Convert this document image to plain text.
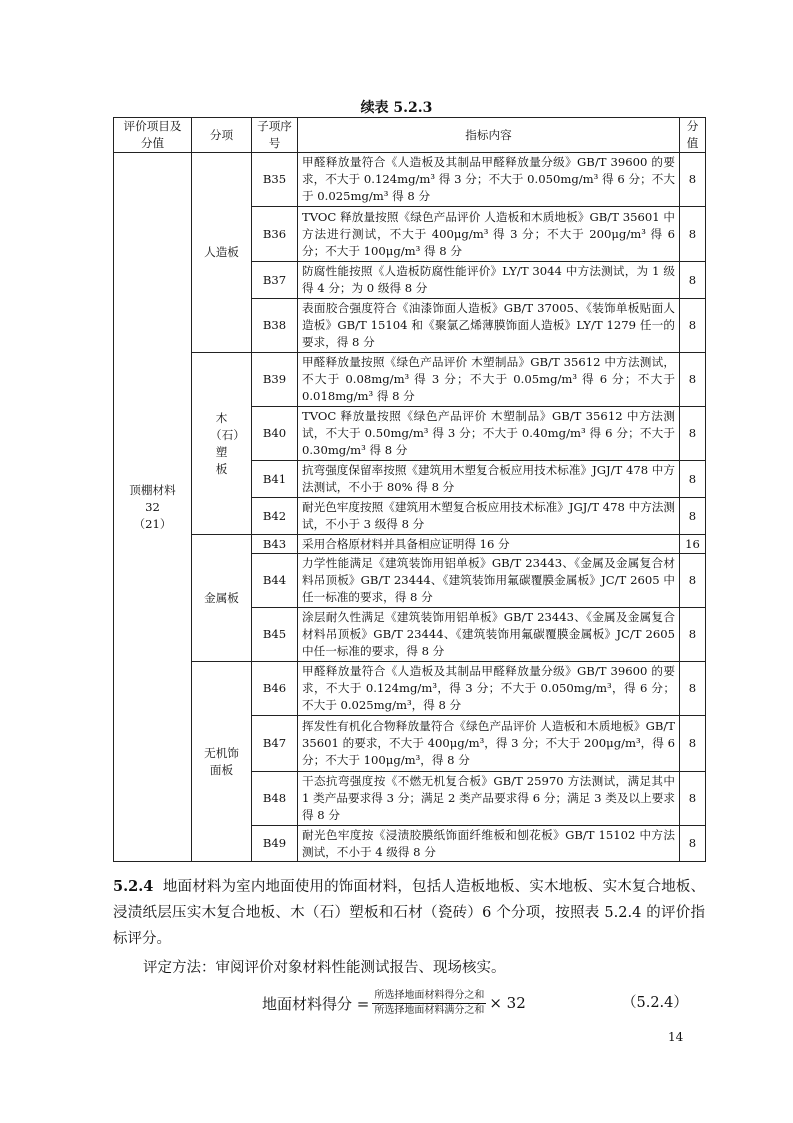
续表 5.2.3
评价项目及分值	分项	子项序号	指标内容	分值

顶棚材料
32
（21）	人造板	B35	甲醛释放量符合《人造板及其制品甲醛释放量分级》GB/T 39600 的要求，不大于 0.124mg/m³ 得 3 分；不大于 0.050mg/m³ 得 6 分；不大于 0.025mg/m³ 得 8 分	8
		B36	TVOC 释放量按照《绿色产品评价 人造板和木质地板》GB/T 35601 中方法进行测试，不大于 400μg/m³ 得 3 分；不大于 200μg/m³ 得 6 分；不大于 100μg/m³ 得 8 分	8
		B37	防腐性能按照《人造板防腐性能评价》LY/T 3044 中方法测试，为 1 级得 4 分；为 0 级得 8 分	8
		B38	表面胶合强度符合《油漆饰面人造板》GB/T 37005、《装饰单板贴面人造板》GB/T 15104 和《聚氯乙烯薄膜饰面人造板》LY/T 1279 任一的要求，得 8 分	8
	木（石）塑板	B39	甲醛释放量按照《绿色产品评价 木塑制品》GB/T 35612 中方法测试，不大于 0.08mg/m³ 得 3 分；不大于 0.05mg/m³ 得 6 分；不大于 0.018mg/m³ 得 8 分	8
		B40	TVOC 释放量按照《绿色产品评价 木塑制品》GB/T 35612 中方法测试，不大于 0.50mg/m³ 得 3 分；不大于 0.40mg/m³ 得 6 分；不大于 0.30mg/m³ 得 8 分	8
		B41	抗弯强度保留率按照《建筑用木塑复合板应用技术标准》JGJ/T 478 中方法测试，不小于 80% 得 8 分	8
		B42	耐光色牢度按照《建筑用木塑复合板应用技术标准》JGJ/T 478 中方法测试，不小于 3 级得 8 分	8
	金属板	B43	采用合格原材料并具备相应证明得 16 分	16
		B44	力学性能满足《建筑装饰用铝单板》GB/T 23443、《金属及金属复合材料吊顶板》GB/T 23444、《建筑装饰用氟碳覆膜金属板》JC/T 2605 中任一标准的要求，得 8 分	8
		B45	涂层耐久性满足《建筑装饰用铝单板》GB/T 23443、《金属及金属复合材料吊顶板》GB/T 23444、《建筑装饰用氟碳覆膜金属板》JC/T 2605 中任一标准的要求，得 8 分	8
	无机饰面板	B46	甲醛释放量符合《人造板及其制品甲醛释放量分级》GB/T 39600 的要求，不大于 0.124mg/m³，得 3 分；不大于 0.050mg/m³，得 6 分；不大于 0.025mg/m³，得 8 分	8
		B47	挥发性有机化合物释放量符合《绿色产品评价 人造板和木质地板》GB/T 35601 的要求，不大于 400μg/m³，得 3 分；不大于 200μg/m³，得 6 分；不大于 100μg/m³，得 8 分	8
		B48	干态抗弯强度按《不燃无机复合板》GB/T 25970 方法测试，满足其中 1 类产品要求得 3 分；满足 2 类产品要求得 6 分；满足 3 类及以上要求得 8 分	8
		B49	耐光色牢度按《浸渍胶膜纸饰面纤维板和刨花板》GB/T 15102 中方法测试，不小于 4 级得 8 分	8
5.2.4 地面材料为室内地面使用的饰面材料，包括人造板地板、实木地板、实木复合地板、浸渍纸层压实木复合地板、木（石）塑板和石材（瓷砖）6 个分项，按照表 5.2.4 的评价指标评分。
评定方法：审阅评价对象材料性能测试报告、现场核实。
地面材料得分 = $\frac{\text{所选择地面材料得分之和}}{\text{所选择地面材料满分之和}} \times 32$	（5.2.4）
14
